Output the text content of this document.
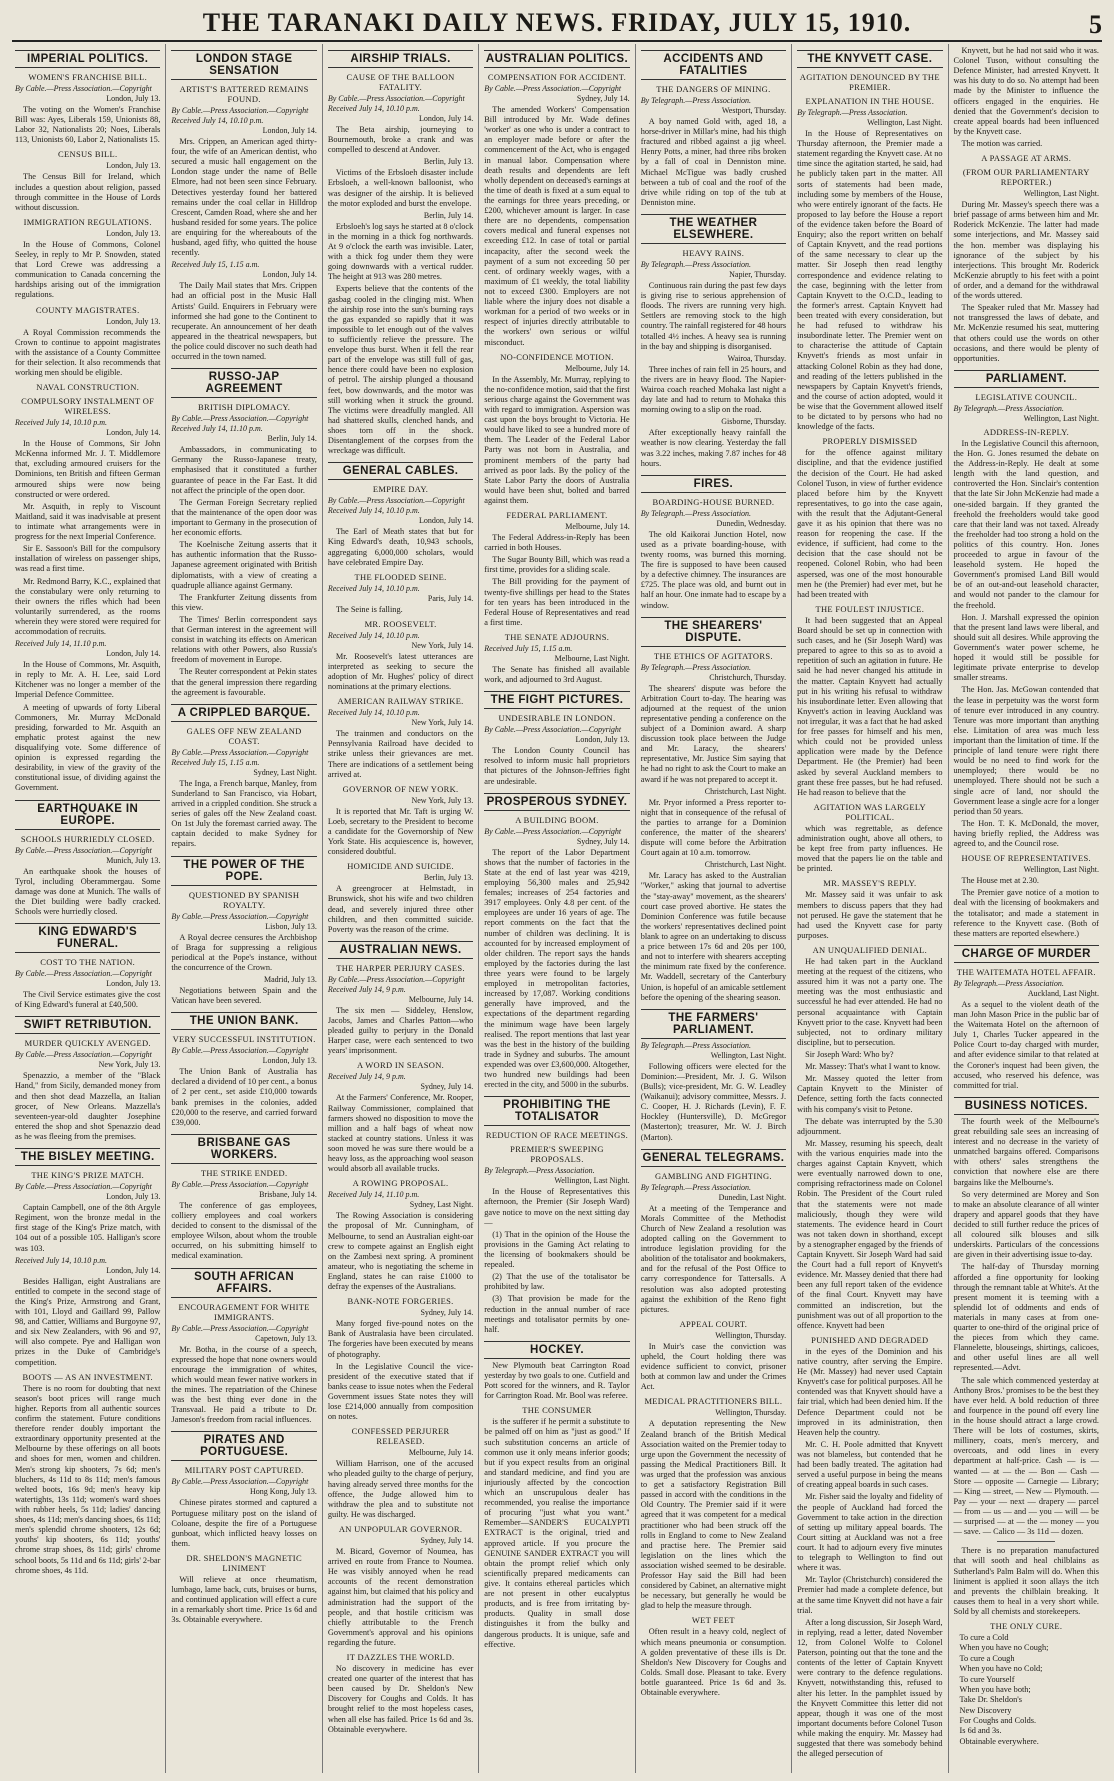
THE TARANAKI DAILY NEWS. FRIDAY, JULY 15, 1910.	5
IMPERIAL POLITICS.
WOMEN'S FRANCHISE BILL.
By Cable.—Press Association.—Copyright
London, July 13.
The voting on the Women's Franchise Bill was: Ayes, Liberals 159, Unionists 88, Labor 32, Nationalists 20; Noes, Liberals 113, Unionists 60, Labor 2, Nationalists 15.
CENSUS BILL.
London, July 13.
The Census Bill for Ireland, which includes a question about religion, passed through committee in the House of Lords without discussion.
IMMIGRATION REGULATIONS.
London, July 13.
In the House of Commons, Colonel Seeley, in reply to Mr P. Snowden, stated that Lord Crewe was addressing a communication to Canada concerning the hardships arising out of the immigration regulations.
COUNTY MAGISTRATES.
London, July 13.
A Royal Commission recommends the Crown to continue to appoint magistrates with the assistance of a County Committee for their selection. It also recommends that working men should be eligible.
NAVAL CONSTRUCTION.
COMPULSORY INSTALMENT OF WIRELESS.
Received July 14, 10.10 p.m.
London, July 14.
In the House of Commons, Sir John McKenna informed Mr. J. T. Middlemore that, excluding armoured cruisers for the Dominions, ten British and fifteen German armoured ships were now being constructed or were ordered.
Mr. Asquith, in reply to Viscount Maitland, said it was inadvisable at present to intimate what arrangements were in progress for the next Imperial Conference.
Sir E. Sassoon's Bill for the compulsory installation of wireless on passenger ships, was read a first time.
Mr. Redmond Barry, K.C., explained that the constabulary were only returning to their owners the rifles which had been voluntarily surrendered, as the rooms wherein they were stored were required for accommodation of recruits.
Received July 14, 11.10 p.m.
London, July 14.
In the House of Commons, Mr. Asquith, in reply to Mr. A. H. Lee, said Lord Kitchener was no longer a member of the Imperial Defence Committee.
A meeting of upwards of forty Liberal Commoners, Mr. Murray McDonald presiding, forwarded to Mr. Asquith an emphatic protest against the new disqualifying vote. Some difference of opinion is expressed regarding the desirability, in view of the gravity of the constitutional issue, of dividing against the Government.
EARTHQUAKE IN EUROPE.
SCHOOLS HURRIEDLY CLOSED.
By Cable.—Press Association.—Copyright
Munich, July 13.
An earthquake shook the houses of Tyrol, including Oberammergau. Some damage was done at Munich. The walls of the Diet building were badly cracked. Schools were hurriedly closed.
KING EDWARD'S FUNERAL.
COST TO THE NATION.
By Cable.—Press Association.—Copyright
London, July 13.
The Civil Service estimates give the cost of King Edward's funeral at £40,500.
SWIFT RETRIBUTION.
MURDER QUICKLY AVENGED.
By Cable.—Press Association.—Copyright
New York, July 13.
Spenazzio, a member of the "Black Hand," from Sicily, demanded money from and then shot dead Mazzella, an Italian grocer, of New Orleans. Mazzella's seventeen-year-old daughter Josephine entered the shop and shot Spenazzio dead as he was fleeing from the premises.
THE BISLEY MEETING.
THE KING'S PRIZE MATCH.
By Cable.—Press Association.—Copyright
London, July 13.
Captain Campbell, one of the 8th Argyle Regiment, won the bronze medal in the first stage of the King's Prize match, with 104 out of a possible 105. Halligan's score was 103.
Received July 14, 10.10 p.m.
London, July 14.
Besides Halligan, eight Australians are entitled to compete in the second stage of the King's Prize, Armstrong and Grant, with 101, Lloyd and Gaillard 99, Pallow 98, and Cattier, Williams and Burgoyne 97, and six New Zealanders, with 96 and 97, will also compete. Pye and Halligan won prizes in the Duke of Cambridge's competition.
BOOTS — AS AN INVESTMENT.
There is no room for doubting that next season's boot prices will range much higher. Reports from all authentic sources confirm the statement. Future conditions therefore render doubly important the extraordinary opportunity presented at the Melbourne by these offerings on all boots and shoes for men, women and children. Men's strong kip shooters, 7s 6d; men's bluchers, 4s 11d to 8s 11d; men's famous welted boots, 16s 9d; men's heavy kip watertights, 13s 11d; women's ward shoes with rubber heels, 5s 11d; ladies' dancing shoes, 4s 11d; men's dancing shoes, 6s 11d; men's splendid chrome shooters, 12s 6d; youths' kip shooters, 6s 11d; youths' chrome strap shoes, 8s 11d; girls' chrome school boots, 5s 11d and 6s 11d; girls' 2-bar chrome shoes, 4s 11d.
LONDON STAGE SENSATION
ARTIST'S BATTERED REMAINS FOUND.
By Cable.—Press Association.—Copyright
Received July 14, 10.10 p.m.
London, July 14.
Mrs. Crippen, an American aged thirty-four, the wife of an American dentist, who secured a music hall engagement on the London stage under the name of Belle Elmore, had not been seen since February. Detectives yesterday found her battered remains under the coal cellar in Hilldrop Crescent, Camden Road, where she and her husband resided for some years. The police are enquiring for the whereabouts of the husband, aged fifty, who quitted the house recently.
Received July 15, 1.15 a.m.
London, July 14.
The Daily Mail states that Mrs. Crippen had an official post in the Music Hall Artists' Guild. Enquirers in February were informed she had gone to the Continent to recuperate. An announcement of her death appeared in the theatrical newspapers, but the police could discover no such death had occurred in the town named.
RUSSO-JAP AGREEMENT
BRITISH DIPLOMACY.
By Cable.—Press Association.—Copyright
Received July 14, 11.10 p.m.
Berlin, July 14.
Ambassadors, in communicating to Germany the Russo-Japanese treaty, emphasised that it constituted a further guarantee of peace in the Far East. It did not affect the principle of the open door.
The German Foreign Secretary replied that the maintenance of the open door was important to Germany in the prosecution of her economic efforts.
The Koelnische Zeitung asserts that it has authentic information that the Russo-Japanese agreement originated with British diplomatists, with a view of creating a quadruple alliance against Germany.
The Frankfurter Zeitung dissents from this view.
The Times' Berlin correspondent says that German interest in the agreement will consist in watching its effects on American relations with other Powers, also Russia's freedom of movement in Europe.
The Reuter correspondent at Pekin states that the general impression there regarding the agreement is favourable.
A CRIPPLED BARQUE.
GALES OFF NEW ZEALAND COAST.
By Cable.—Press Association.—Copyright
Received July 15, 1.15 a.m.
Sydney, Last Night.
The Inga, a French barque, Manley, from Sunderland to San Francisco, via Hobart, arrived in a crippled condition. She struck a series of gales off the New Zealand coast. On 1st July the foremast carried away. The captain decided to make Sydney for repairs.
THE POWER OF THE POPE.
QUESTIONED BY SPANISH ROYALTY.
By Cable.—Press Association.—Copyright
Lisbon, July 13.
A Royal decree censures the Archbishop of Braga for suppressing a religious periodical at the Pope's instance, without the concurrence of the Crown.
Madrid, July 13.
Negotiations between Spain and the Vatican have been severed.
THE UNION BANK.
VERY SUCCESSFUL INSTITUTION.
By Cable.—Press Association.—Copyright
London, July 13.
The Union Bank of Australia has declared a dividend of 10 per cent., a bonus of 2 per cent., set aside £10,000 towards bank premises in the colonies, added £20,000 to the reserve, and carried forward £39,000.
BRISBANE GAS WORKERS.
THE STRIKE ENDED.
By Cable.—Press Association.—Copyright
Brisbane, July 14.
The conference of gas employees, colliery employees and coal workers decided to consent to the dismissal of the employee Wilson, about whom the trouble occurred, on his submitting himself to medical examination.
SOUTH AFRICAN AFFAIRS.
ENCOURAGEMENT FOR WHITE IMMIGRANTS.
By Cable.—Press Association.—Copyright
Capetown, July 13.
Mr. Botha, in the course of a speech, expressed the hope that none owners would encourage the immigration of whites, which would mean fewer native workers in the mines. The repatriation of the Chinese was the best thing ever done in the Transvaal. He paid a tribute to Dr. Jameson's freedom from racial influences.
PIRATES AND PORTUGUESE.
MILITARY POST CAPTURED.
By Cable.—Press Association.—Copyright
Hong Kong, July 13.
Chinese pirates stormed and captured a Portuguese military post on the island of Coloane, despite the fire of a Portuguese gunboat, which inflicted heavy losses on them.
DR. SHELDON'S MAGNETIC LINIMENT
Will relieve at once rheumatism, lumbago, lame back, cuts, bruises or burns, and continued application will effect a cure in a remarkably short time. Price 1s 6d and 3s. Obtainable everywhere.
AIRSHIP TRIALS.
CAUSE OF THE BALLOON FATALITY.
By Cable.—Press Association.—Copyright
Received July 14, 10.10 p.m.
London, July 14.
The Beta airship, journeying to Bournemouth, broke a crank and was compelled to descend at Andover.
Berlin, July 13.
Victims of the Erbsloeh disaster include Erbsloeh, a well-known balloonist, who was designer of the airship. It is believed the motor exploded and burst the envelope.
Berlin, July 14.
Erbsloeh's log says he started at 8 o'clock in the morning in a thick fog northwards. At 9 o'clock the earth was invisible. Later, with a thick fog under them they were going downwards with a vertical rudder. The height at 913 was 280 metres.
Experts believe that the contents of the gasbag cooled in the clinging mist. When the airship rose into the sun's burning rays the gas expanded so rapidly that it was impossible to let enough out of the valves to sufficiently relieve the pressure. The envelope thus burst. When it fell the rear part of the envelope was still full of gas, hence there could have been no explosion of petrol. The airship plunged a thousand feet, bow downwards, and the motor was still working when it struck the ground. The victims were dreadfully mangled. All had shattered skulls, clenched hands, and shoes torn off in the shock. Disentanglement of the corpses from the wreckage was difficult.
GENERAL CABLES.
EMPIRE DAY.
By Cable.—Press Association.—Copyright
Received July 14, 10.10 p.m.
London, July 14.
The Earl of Meath states that but for King Edward's death, 10,943 schools, aggregating 6,000,000 scholars, would have celebrated Empire Day.
THE FLOODED SEINE.
Received July 14, 10.10 p.m.
Paris, July 14.
The Seine is falling.
MR. ROOSEVELT.
Received July 14, 10.10 p.m.
New York, July 14.
Mr. Roosevelt's latest utterances are interpreted as seeking to secure the adoption of Mr. Hughes' policy of direct nominations at the primary elections.
AMERICAN RAILWAY STRIKE.
Received July 14, 10.10 p.m.
New York, July 14.
The trainmen and conductors on the Pennsylvania Railroad have decided to strike unless their grievances are met. There are indications of a settlement being arrived at.
GOVERNOR OF NEW YORK.
New York, July 13.
It is reported that Mr. Taft is urging W. Loeb, secretary to the President to become a candidate for the Governorship of New York State. His acquiescence is, however, considered doubtful.
HOMICIDE AND SUICIDE.
Berlin, July 13.
A greengrocer at Helmstadt, in Brunswick, shot his wife and two children dead, and severely injured three other children, and then committed suicide. Poverty was the reason of the crime.
AUSTRALIAN NEWS.
THE HARPER PERJURY CASES.
By Cable.—Press Association.—Copyright
Received July 14, 9 p.m.
Melbourne, July 14.
The six men — Siddeley, Henslow, Jacobs, James and Charles Patton—who pleaded guilty to perjury in the Donald Harper case, were each sentenced to two years' imprisonment.
A WORD IN SEASON.
Received July 14, 9 p.m.
Sydney, July 14.
At the Farmers' Conference, Mr. Rooper, Railway Commissioner, complained that farmers showed no disposition to move the million and a half bags of wheat now stacked at country stations. Unless it was soon moved he was sure there would be a heavy loss, as the approaching wool season would absorb all available trucks.
A ROWING PROPOSAL.
Received July 14, 11.10 p.m.
Sydney, Last Night.
The Rowing Association is considering the proposal of Mr. Cunningham, of Melbourne, to send an Australian eight-oar crew to compete against an English eight on the Zambesi next spring. A prominent amateur, who is negotiating the scheme in England, states he can raise £1000 to defray the expenses of the Australians.
BANK-NOTE FORGERIES.
Sydney, July 14.
Many forged five-pound notes on the Bank of Australasia have been circulated. The forgeries have been executed by means of photography.
In the Legislative Council the vice-president of the executive stated that if banks cease to issue notes when the Federal Government issues State notes they will lose £214,000 annually from composition on notes.
CONFESSED PERJURER RELEASED.
Melbourne, July 14.
William Harrison, one of the accused who pleaded guilty to the charge of perjury, having already served three months for the offence, the Judge allowed him to withdraw the plea and to substitute not guilty. He was discharged.
AN UNPOPULAR GOVERNOR.
Sydney, July 14.
M. Bicard, Governor of Noumea, has arrived en route from France to Noumea. He was visibly annoyed when he read accounts of the recent demonstration against him, but claimed that his policy and administration had the support of the people, and that hostile criticism was chiefly attributable to the French Government's approval and his opinions regarding the future.
IT DAZZLES THE WORLD.
No discovery in medicine has ever created one quarter of the interest that has been caused by Dr. Sheldon's New Discovery for Coughs and Colds. It has brought relief to the most hopeless cases, when all else has failed. Price 1s 6d and 3s. Obtainable everywhere.
AUSTRALIAN POLITICS.
COMPENSATION FOR ACCIDENT.
By Cable.—Press Association.—Copyright
Sydney, July 14.
The amended Workers' Compensation Bill introduced by Mr. Wade defines 'worker' as one who is under a contract to an employer made before or after the commencement of the Act, who is engaged in manual labor. Compensation where death results and dependents are left wholly dependent on deceased's earnings at the time of death is fixed at a sum equal to the earnings for three years preceding, or £200, whichever amount is larger. In case there are no dependents, compensation covers medical and funeral expenses not exceeding £12. In case of total or partial incapacity, after the second week the payment of a sum not exceeding 50 per cent. of ordinary weekly wages, with a maximum of £1 weekly, the total liability not to exceed £300. Employers are not liable where the injury does not disable a workman for a period of two weeks or in respect of injuries directly attributable to the workers' own serious or wilful misconduct.
NO-CONFIDENCE MOTION.
Melbourne, July 14.
In the Assembly, Mr. Murray, replying to the no-confidence motion, said that the first serious charge against the Government was with regard to immigration. Aspersion was cast upon the boys brought to Victoria. He would have liked to see a hundred more of them. The Leader of the Federal Labor Party was not born in Australia, and prominent members of the party had arrived as poor lads. By the policy of the State Labor Party the doors of Australia would have been shut, bolted and barred against them.
FEDERAL PARLIAMENT.
Melbourne, July 14.
The Federal Address-in-Reply has been carried in both Houses.
The Sugar Bounty Bill, which was read a first time, provides for a sliding scale.
The Bill providing for the payment of twenty-five shillings per head to the States for ten years has been introduced in the Federal House of Representatives and read a first time.
THE SENATE ADJOURNS.
Received July 15, 1.15 a.m.
Melbourne, Last Night.
The Senate has finished all available work, and adjourned to 3rd August.
THE FIGHT PICTURES.
UNDESIRABLE IN LONDON.
By Cable.—Press Association.—Copyright
London, July 13.
The London County Council has resolved to inform music hall proprietors that pictures of the Johnson-Jeffries fight are undesirable.
PROSPEROUS SYDNEY.
A BUILDING BOOM.
By Cable.—Press Association.—Copyright
Sydney, July 14.
The report of the Labor Department shows that the number of factories in the State at the end of last year was 4219, employing 56,300 males and 25,942 females; increases of 254 factories and 3917 employees. Only 4.8 per cent. of the employees are under 16 years of age. The report comments on the fact that the number of children was declining. It is accounted for by increased employment of older children. The report says the hands employed by the factories during the last three years were found to be largely employed in metropolitan factories, increased by 17,087. Working conditions generally have improved, and the expectations of the department regarding the minimum wage have been largely realised. The report mentions that last year was the best in the history of the building trade in Sydney and suburbs. The amount expended was over £3,600,000. Altogether, two hundred new buildings had been erected in the city, and 5000 in the suburbs.
PROHIBITING THE TOTALISATOR
REDUCTION OF RACE MEETINGS.
PREMIER'S SWEEPING PROPOSALS.
By Telegraph.—Press Association.
Wellington, Last Night.
In the House of Representatives this afternoon, the Premier (Sir Joseph Ward) gave notice to move on the next sitting day—
(1) That in the opinion of the House the provisions in the Gaming Act relating to the licensing of bookmakers should be repealed.
(2) That the use of the totalisator be prohibited by law.
(3) That provision be made for the reduction in the annual number of race meetings and totalisator permits by one-half.
HOCKEY.
New Plymouth beat Carrington Road yesterday by two goals to one. Cutfield and Pott scored for the winners, and R. Taylor for Carrington Road. Mr. Bool was referee.
THE CONSUMER
is the sufferer if he permit a substitute to be palmed off on him as "just as good." If such substitution concerns an article of common use it only means inferior goods; but if you expect results from an original and standard medicine, and find you are injuriously affected by the concoction which an unscrupulous dealer has recommended, you realise the importance of procuring "just what you want." Remember—SANDER'S EUCALYPTI EXTRACT is the original, tried and approved article. If you procure the GENUINE SANDER EXTRACT you will obtain the prompt relief which only scientifically prepared medicaments can give. It contains ethereal particles which are not present in other eucalyptus products, and is free from irritating by-products. Quality in small dose distinguishes it from the bulky and dangerous products. It is unique, safe and effective.
ACCIDENTS AND FATALITIES
THE DANGERS OF MINING.
By Telegraph.—Press Association.
Westport, Thursday.
A boy named Gold with, aged 18, a horse-driver in Millar's mine, had his thigh fractured and ribbed against a jig wheel. Henry Potts, a miner, had three ribs broken by a fall of coal in Denniston mine. Michael McTigue was badly crushed between a tub of coal and the roof of the drive while riding on top of the tub at Denniston mine.
THE WEATHER ELSEWHERE.
HEAVY RAINS.
By Telegraph.—Press Association.
Napier, Thursday.
Continuous rain during the past few days is giving rise to serious apprehension of floods. The rivers are running very high. Settlers are removing stock to the high country. The rainfall registered for 48 hours totalled 4½ inches. A heavy sea is running in the bay and shipping is disorganised.
Wairoa, Thursday.
Three inches of rain fell in 25 hours, and the rivers are in heavy flood. The Napier-Wairoa coach reached Mohaka last night a day late and had to return to Mohaka this morning owing to a slip on the road.
Gisborne, Thursday.
After exceptionally heavy rainfall the weather is now clearing. Yesterday the fall was 3.22 inches, making 7.87 inches for 48 hours.
FIRES.
BOARDING-HOUSE BURNED.
By Telegraph.—Press Association.
Dunedin, Wednesday.
The old Kaikorai Junction Hotel, now used as a private boarding-house, with twenty rooms, was burned this morning. The fire is supposed to have been caused by a defective chimney. The insurances are £725. The place was old, and burnt out in half an hour. One inmate had to escape by a window.
THE SHEARERS' DISPUTE.
THE ETHICS OF AGITATORS.
By Telegraph.—Press Association.
Christchurch, Thursday.
The shearers' dispute was before the Arbitration Court to-day. The hearing was adjourned at the request of the union representative pending a conference on the subject of a Dominion award. A sharp discussion took place between the Judge and Mr. Laracy, the shearers' representative, Mr. Justice Sim saying that he had no right to ask the Court to make an award if he was not prepared to accept it.
Christchurch, Last Night.
Mr. Pryor informed a Press reporter to-night that in consequence of the refusal of the parties to arrange for a Dominion conference, the matter of the shearers' dispute will come before the Arbitration Court again at 10 a.m. tomorrow.
Christchurch, Last Night.
Mr. Laracy has asked to the Australian "Worker," asking that journal to advertise the "stay-away" movement, as the shearers' court case proved abortive. He states the Dominion Conference was futile because the workers' representatives declined point blank to agree on an undertaking to discuss a price between 17s 6d and 20s per 100, and not to interfere with shearers accepting the minimum rate fixed by the conference. Mr. Waddell, secretary of the Canterbury Union, is hopeful of an amicable settlement before the opening of the shearing season.
THE FARMERS' PARLIAMENT.
By Telegraph.—Press Association.
Wellington, Last Night.
Following officers were elected for the Dominion:—President, Mr. J. G. Wilson (Bulls); vice-president, Mr. G. W. Leadley (Waikanui); advisory committee, Messrs. J. C. Cooper, H. J. Richards (Levin), F. F. Hockley (Huntersville), D. McGregor (Masterton); treasurer, Mr. W. J. Birch (Marton).
GENERAL TELEGRAMS.
GAMBLING AND FIGHTING.
By Telegraph.—Press Association.
Dunedin, Last Night.
At a meeting of the Temperance and Morals Committee of the Methodist Church of New Zealand a resolution was adopted calling on the Government to introduce legislation providing for the abolition of the totalisator and bookmakers, and for the refusal of the Post Office to carry correspondence for Tattersalls. A resolution was also adopted protesting against the exhibition of the Reno fight pictures.
APPEAL COURT.
Wellington, Thursday.
In Muir's case the conviction was upheld, the Court holding there was evidence sufficient to convict, prisoner both at common law and under the Crimes Act.
MEDICAL PRACTITIONERS BILL.
Wellington, Thursday.
A deputation representing the New Zealand branch of the British Medical Association waited on the Premier today to urge upon the Government the necessity of passing the Medical Practitioners Bill. It was urged that the profession was anxious to get a satisfactory Registration Bill passed in accord with the conditions in the Old Country. The Premier said if it were agreed that it was competent for a medical practitioner who had been struck off the rolls in England to come to New Zealand and practise here. The Premier said legislation on the lines which the association wished seemed to be desirable. Professor Hay said the Bill had been considered by Cabinet, an alternative might be necessary, but generally he would be glad to help the measure through.
WET FEET
Often result in a heavy cold, neglect of which means pneumonia or consumption. A golden preventative of these ills is Dr. Sheldon's New Discovery for Coughs and Colds. Small dose. Pleasant to take. Every bottle guaranteed. Price 1s 6d and 3s. Obtainable everywhere.
THE KNYVETT CASE.
AGITATION DENOUNCED BY THE PREMIER.
EXPLANATION IN THE HOUSE.
By Telegraph.—Press Association.
Wellington, Last Night.
In the House of Representatives on Thursday afternoon, the Premier made a statement regarding the Knyvett case. At no time since the agitation started, he said, had he publicly taken part in the matter. All sorts of statements had been made, including some by members of the House, who were entirely ignorant of the facts. He proposed to lay before the House a report of the evidence taken before the Board of Enquiry; also the report written on behalf of Captain Knyvett, and the read portions of the same necessary to clear up the matter. Sir Joseph then read lengthy correspondence and evidence relating to the case, beginning with the letter from Captain Knyvett to the O.C.D., leading to the former's arrest. Captain Knyvett had been treated with every consideration, but he had refused to withdraw his insubordinate letter. The Premier went on to characterise the attitude of Captain Knyvett's friends as most unfair in attacking Colonel Robin as they had done, and reading of the letters published in the newspapers by Captain Knyvett's friends, and the course of action adopted, would it be wise that the Government allowed itself to be dictated to by persons who had no knowledge of the facts.
PROPERLY DISMISSED
for the offence against military discipline, and that the evidence justified the decision of the Court. He had asked Colonel Tuson, in view of further evidence placed before him by the Knyvett representatives, to go into the case again, with the result that the Adjutant-General gave it as his opinion that there was no reason for reopening the case. If the evidence, if sufficient, had come to the decision that the case should not be reopened. Colonel Robin, who had been aspersed, was one of the most honourable men he (the Premier) had ever met, but he had been treated with
THE FOULEST INJUSTICE.
It had been suggested that an Appeal Board should be set up in connection with such cases, and he (Sir Joseph Ward) was prepared to agree to this so as to avoid a repetition of such an agitation in future. He said he had never changed his attitude in the matter. Captain Knyvett had actually put in his writing his refusal to withdraw his insubordinate letter. Even allowing that Knyvett's action in leaving Auckland was not irregular, it was a fact that he had asked for free passes for himself and his men, which could not be provided unless application were made by the Defence Department. He (the Premier) had been asked by several Auckland members to grant these free passes, but he had refused. He had reason to believe that the
AGITATION WAS LARGELY POLITICAL.
which was regrettable, as defence administration ought, above all others, to be kept free from party influences. He moved that the papers lie on the table and be printed.
MR. MASSEY'S REPLY.
Mr. Massey said it was unfair to ask members to discuss papers that they had not perused. He gave the statement that he had used the Knyvett case for party purposes.
AN UNQUALIFIED DENIAL.
He had taken part in the Auckland meeting at the request of the citizens, who assured him it was not a party one. The meeting was the most enthusiastic and successful he had ever attended. He had no personal acquaintance with Captain Knyvett prior to the case. Knyvett had been subjected, not to ordinary military discipline, but to persecution.
Sir Joseph Ward: Who by?
Mr. Massey: That's what I want to know.
Mr. Massey quoted the letter from Captain Knyvett to the Minister of Defence, setting forth the facts connected with his company's visit to Petone.
The debate was interrupted by the 5.30 adjournment.
Mr. Massey, resuming his speech, dealt with the various enquiries made into the charges against Captain Knyvett, which were eventually narrowed down to one, comprising refractoriness made on Colonel Robin. The President of the Court ruled that the statements were not made maliciously, though they were wild statements. The evidence heard in Court was not taken down in shorthand, except by a stenographer engaged by the friends of Captain Knyvett. Sir Joseph Ward had said the Court had a full report of Knyvett's evidence. Mr. Massey denied that there had been any full report taken of the evidence of the final Court. Knyvett may have committed an indiscretion, but the punishment was out of all proportion to the offence. Knyvett had been
PUNISHED AND DEGRADED
in the eyes of the Dominion and his native country, after serving the Empire. He (Mr. Massey) had never used Captain Knyvett's case for political purposes. All he contended was that Knyvett should have a fair trial, which had been denied him. If the Defence Department could not be improved in its administration, then Heaven help the country.
Mr. C. H. Poole admitted that Knyvett was not blameless, but contended that he had been badly treated. The agitation had served a useful purpose in being the means of creating appeal boards in such cases.
Mr. Fisher said the loyalty and fidelity of the people of Auckland had forced the Government to take action in the direction of setting up military appeal boards. The Court sitting at Auckland was not a free court. It had to adjourn every five minutes to telegraph to Wellington to find out where it was.
Mr. Taylor (Christchurch) considered the Premier had made a complete defence, but at the same time Knyvett did not have a fair trial.
After a long discussion, Sir Joseph Ward, in replying, read a letter, dated November 12, from Colonel Wolfe to Colonel Paterson, pointing out that the tone and the contents of the letter of Captain Knyvett were contrary to the defence regulations. Knyvett, notwithstanding this, refused to alter his letter. In the pamphlet issued by the Knyvett Committee this letter did not appear, though it was one of the most important documents before Colonel Tuson while making the enquiry. Mr. Massey had suggested that there was somebody behind the alleged persecution of
Knyvett, but he had not said who it was. Colonel Tuson, without consulting the Defence Minister, had arrested Knyvett. It was his duty to do so. No attempt had been made by the Minister to influence the officers engaged in the enquiries. He denied that the Government's decision to create appeal boards had been influenced by the Knyvett case.
The motion was carried.
A PASSAGE AT ARMS.
(FROM OUR PARLIAMENTARY REPORTER.)
Wellington, Last Night.
During Mr. Massey's speech there was a brief passage of arms between him and Mr. Roderick McKenzie. The latter had made some interjections, and Mr. Massey said the hon. member was displaying his ignorance of the subject by his interjections. This brought Mr. Roderick McKenzie abruptly to his feet with a point of order, and a demand for the withdrawal of the words uttered.
The Speaker ruled that Mr. Massey had not transgressed the laws of debate, and Mr. McKenzie resumed his seat, muttering that others could use the words on other occasions, and there would be plenty of opportunities.
PARLIAMENT.
LEGISLATIVE COUNCIL.
By Telegraph.—Press Association.
Wellington, Last Night.
ADDRESS-IN-REPLY.
In the Legislative Council this afternoon, the Hon. G. Jones resumed the debate on the Address-in-Reply. He dealt at some length with the land question, and controverted the Hon. Sinclair's contention that the late Sir John McKenzie had made a one-sided bargain. If they granted the freehold the freeholders would take good care that their land was not taxed. Already the freeholder had too strong a hold on the politics of this country. Hon. Jones proceeded to argue in favour of the leasehold system. He hoped the Government's promised Land Bill would be of an out-and-out leasehold character, and would not pander to the clamour for the freehold.
Hon. J. Marshall expressed the opinion that the present land laws were liberal, and should suit all desires. While approving the Government's water power scheme, he hoped it would still be possible for legitimate private enterprise to develop smaller streams.
The Hon. Jas. McGowan contended that the lease in perpetuity was the worst form of tenure ever introduced in any country. Tenure was more important than anything else. Limitation of area was much less important than the limitation of time. If the principle of land tenure were right there would be no need to find work for the unemployed; there would be no unemployed. There should not be such a single acre of land, nor should the Government lease a single acre for a longer period than 50 years.
The Hon. T. K. McDonald, the mover, having briefly replied, the Address was agreed to, and the Council rose.
HOUSE OF REPRESENTATIVES.
Wellington, Last Night.
The House met at 2.30.
The Premier gave notice of a motion to deal with the licensing of bookmakers and the totalisator; and made a statement in reference to the Knyvett case. (Both of these matters are reported elsewhere.)
CHARGE OF MURDER
THE WAITEMATA HOTEL AFFAIR.
By Telegraph.—Press Association.
Auckland, Last Night.
As a sequel to the violent death of the man John Mason Price in the public bar of the Waitemata Hotel on the afternoon of July 1, Charles Tucker appeared in the Police Court to-day charged with murder, and after evidence similar to that related at the Coroner's inquest had been given, the accused, who reserved his defence, was committed for trial.
BUSINESS NOTICES.
The fourth week of the Melbourne's great rebuilding sale sees an increasing of interest and no decrease in the variety of unmatched bargains offered. Comparisons with others' sales strengthens the conviction that nowhere else are there bargains like the Melbourne's.
So very determined are Morey and Son to make an absolute clearance of all winter drapery and apparel goods that they have decided to still further reduce the prices of all coloured silk blouses and silk underskirts. Particulars of the concessions are given in their advertising issue to-day.
The half-day of Thursday morning afforded a fine opportunity for looking through the remnant table at White's. At the present moment it is teeming with a splendid lot of oddments and ends of materials in many cases at from one-quarter to one-third of the original price of the pieces from which they came. Flannelette, blouseings, shirtings, calicoes, and other useful lines are all well represented.—Advt.
The sale which commenced yesterday at Anthony Bros.' promises to be the best they have ever held. A bold reduction of three and fourpence in the pound off every line in the house should attract a large crowd. There will be lots of costumes, skirts, millinery, coats, men's mercery, and overcoats, and odd lines in every department at half-price. Cash — is — wanted — at — the — Bon — Cash — Store — opposite — Carnegie — Library; — King — street, — New — Plymouth. — Pay — your — next — drapery — parcel — from — us — and — you — will — be — surprised — at — the — money — you — save. — Calico — 3s 11d — dozen.
There is no preparation manufactured that will sooth and heal chilblains as Sutherland's Palm Balm will do. When this liniment is applied it soon allays the itch and prevents the chilblain breaking. It causes them to heal in a very short while. Sold by all chemists and storekeepers.
THE ONLY CURE.
To cure a Cold
When you have no Cough;
To cure a Cough
When you have no Cold;
To cure Yourself
When you have both;
Take Dr. Sheldon's
New Discovery
For Coughs and Colds.
Is 6d and 3s.
Obtainable everywhere.
